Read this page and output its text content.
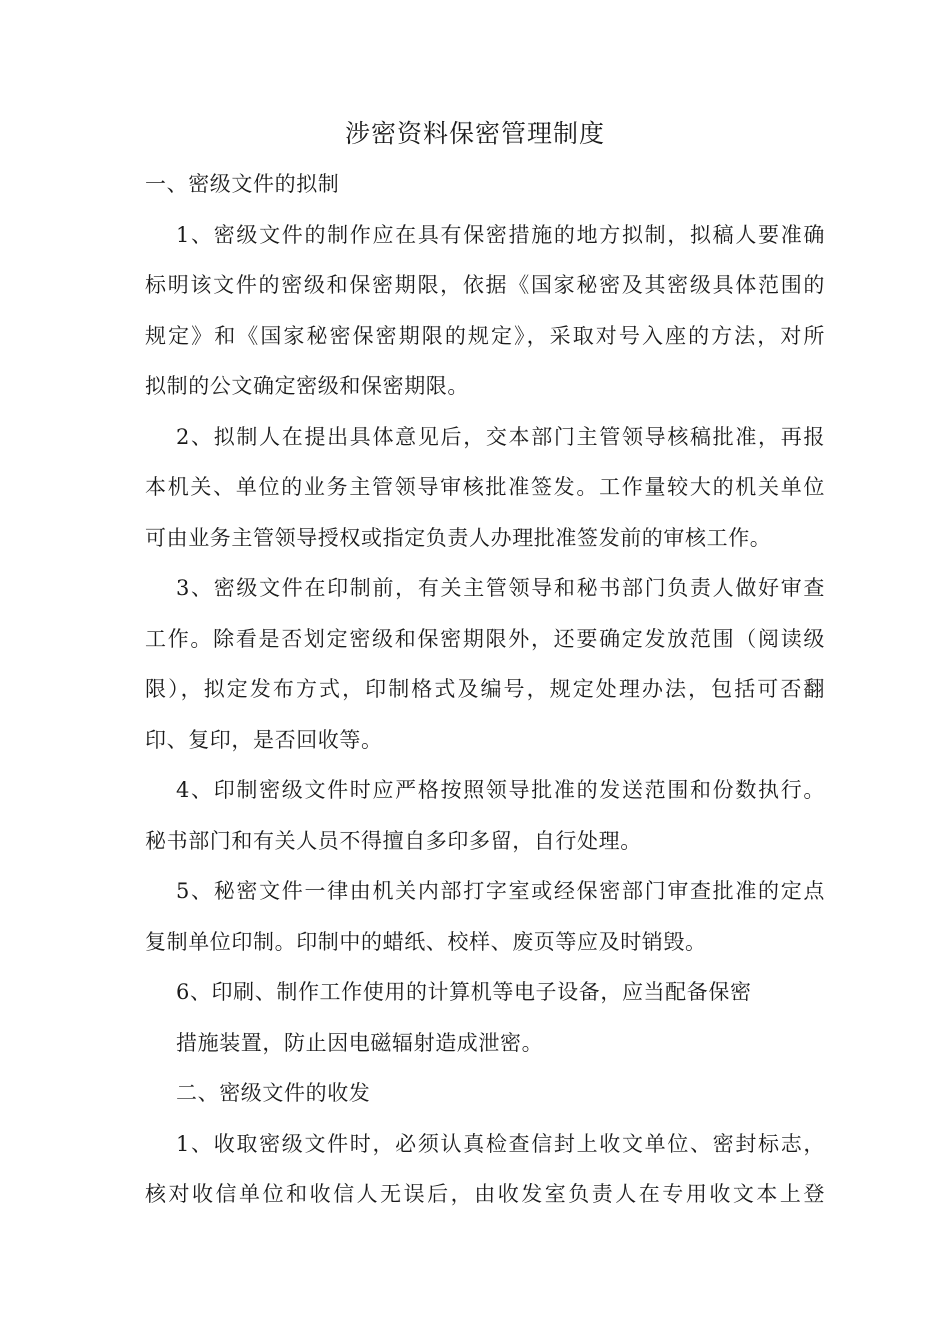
涉密资料保密管理制度

一、密级文件的拟制

1、密级文件的制作应在具有保密措施的地方拟制，拟稿人要准确

标明该文件的密级和保密期限，依据《国家秘密及其密级具体范围的

规定》和《国家秘密保密期限的规定》，采取对号入座的方法，对所

拟制的公文确定密级和保密期限。

2、拟制人在提出具体意见后，交本部门主管领导核稿批准，再报

本机关、单位的业务主管领导审核批准签发。工作量较大的机关单位

可由业务主管领导授权或指定负责人办理批准签发前的审核工作。

3、密级文件在印制前，有关主管领导和秘书部门负责人做好审查

工作。除看是否划定密级和保密期限外，还要确定发放范围（阅读级

限），拟定发布方式，印制格式及编号，规定处理办法，包括可否翻

印、复印，是否回收等。

4、印制密级文件时应严格按照领导批准的发送范围和份数执行。

秘书部门和有关人员不得擅自多印多留，自行处理。

5、秘密文件一律由机关内部打字室或经保密部门审查批准的定点

复制单位印制。印制中的蜡纸、校样、废页等应及时销毁。

6、印刷、制作工作使用的计算机等电子设备，应当配备保密

措施装置，防止因电磁辐射造成泄密。

二、密级文件的收发

1、收取密级文件时，必须认真检查信封上收文单位、密封标志，

核对收信单位和收信人无误后，由收发室负责人在专用收文本上登
